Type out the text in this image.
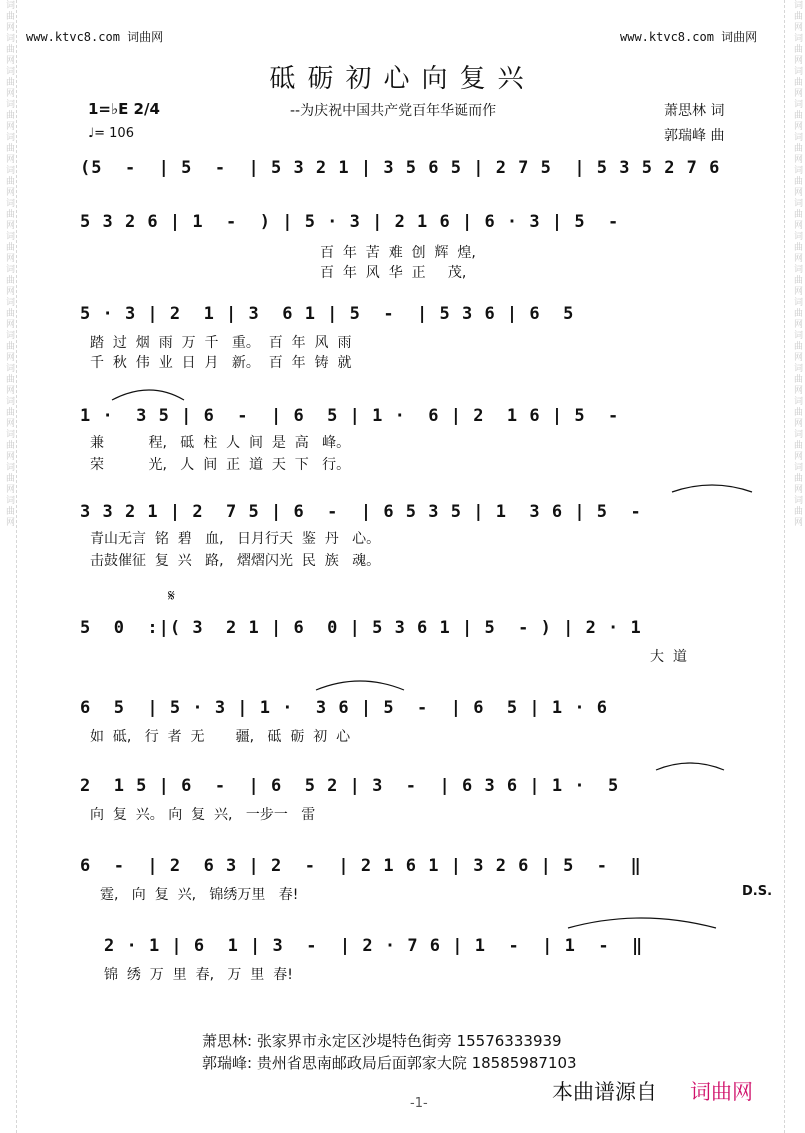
词曲网词曲网词曲网词曲网词曲网词曲网词曲网词曲网词曲网词曲网词曲网词曲网词曲网词曲网词曲网词曲网	词曲网词曲网词曲网词曲网词曲网词曲网词曲网词曲网词曲网词曲网词曲网词曲网词曲网词曲网词曲网词曲网
www.ktvc8.com 词曲网	www.ktvc8.com 词曲网
砥砺初心向复兴
--为庆祝中国共产党百年华诞而作	萧思林 词
郭瑞峰 曲
1=♭E 2/4
♩= 106
(5  -  | 5  -  | 5 3 2 1 | 3 5 6 5 | 2 7 5  | 5 3 5 2 7 6
5 3 2 6 | 1  -  ) | 5 · 3 | 2 1 6 | 6 · 3 | 5  -
百  年  苦  难  创  辉  煌,
百  年  风  华  正     茂,
5 · 3 | 2  1 | 3  6 1 | 5  -  | 5 3 6 | 6  5
踏  过  烟  雨  万  千   重。  百  年  风  雨
千  秋  伟  业  日  月   新。  百  年  铸  就
1 ·  3 5 | 6  -  | 6  5 | 1 ·  6 | 2  1 6 | 5  -
兼          程,   砥  柱  人  间  是  高   峰。
荣          光,   人  间  正  道  天  下   行。
3 3 2 1 | 2  7 5 | 6  -  | 6 5 3 5 | 1  3 6 | 5  -
青山无言  铭  碧   血,   日月行天  鉴  丹   心。
击鼓催征  复  兴   路,   熠熠闪光  民  族   魂。
𝄋
5  0  :|( 3  2 1 | 6  0 | 5 3 6 1 | 5  - ) | 2 · 1
大  道
6  5  | 5 · 3 | 1 ·  3 6 | 5  -  | 6  5 | 1 · 6
如  砥,   行  者  无       疆,   砥  砺  初  心
2  1 5 | 6  -  | 6  5 2 | 3  -  | 6 3 6 | 1 ·  5
向  复  兴。 向  复  兴,   一步一   雷
6  -  | 2  6 3 | 2  -  | 2 1 6 1 | 3 2 6 | 5  -  ‖
霆,   向  复  兴,   锦绣万里   春!	D.S.
2 · 1 | 6  1 | 3  -  | 2 · 7 6 | 1  -  | 1  -  ‖
锦  绣  万  里  春,   万  里  春!
萧思林: 张家界市永定区沙堤特色街旁 15576333939
郭瑞峰: 贵州省思南邮政局后面郭家大院 18585987103
本曲谱源自 词曲网
-1-
